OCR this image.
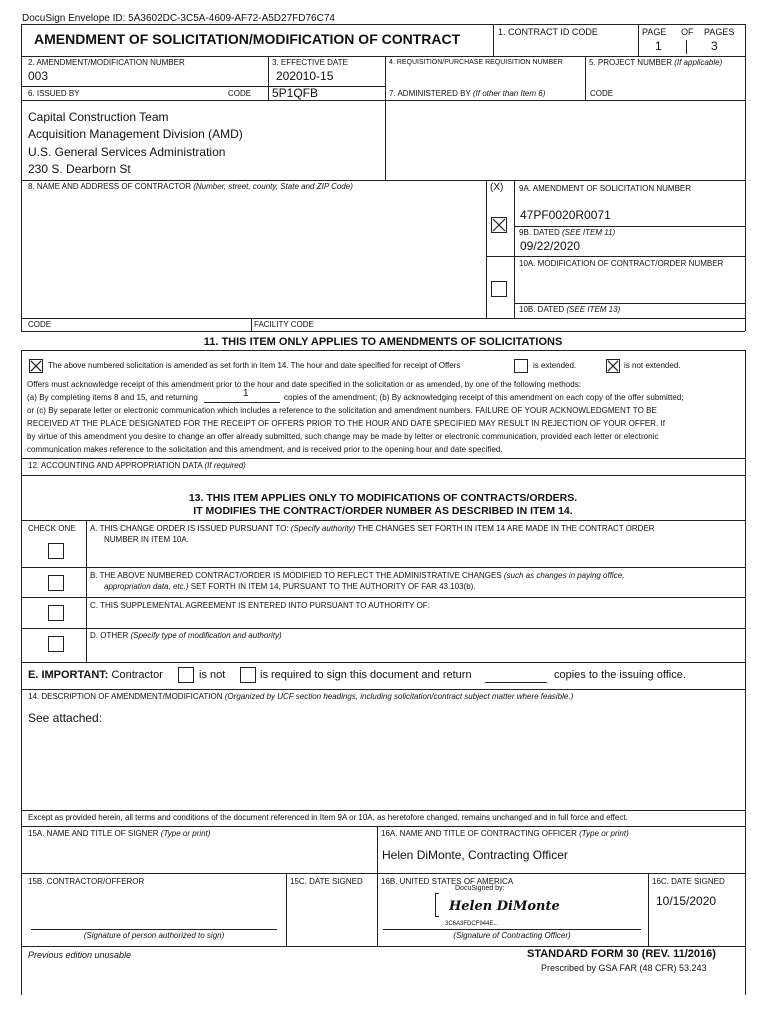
DocuSign Envelope ID: 5A3602DC-3C5A-4609-AF72-A5D27FD76C74
AMENDMENT OF SOLICITATION/MODIFICATION OF CONTRACT	1. CONTRACT ID CODE	PAGE OF PAGES
1	3
2. AMENDMENT/MODIFICATION NUMBER
003
3. EFFECTIVE DATE
202010-15
4. REQUISITION/PURCHASE REQUISITION NUMBER	5. PROJECT NUMBER (If applicable)
6. ISSUED BY	CODE 5P1QFB	7. ADMINISTERED BY (If other than Item 6)	CODE
Capital Construction Team
Acquisition Management Division (AMD)
U.S. General Services Administration
230 S. Dearborn St
8. NAME AND ADDRESS OF CONTRACTOR (Number, street, county, State and ZIP Code)	(X) 9A. AMENDMENT OF SOLICITATION NUMBER
47PF0020R0071
9B. DATED (SEE ITEM 11)
09/22/2020
10A. MODIFICATION OF CONTRACT/ORDER NUMBER
10B. DATED (SEE ITEM 13)
CODE	FACILITY CODE
11. THIS ITEM ONLY APPLIES TO AMENDMENTS OF SOLICITATIONS
The above numbered solicitation is amended as set forth in Item 14. The hour and date specified for receipt of Offers	is extended.	is not extended.
Offers must acknowledge receipt of this amendment prior to the hour and date specified in the solicitation or as amended, by one of the following methods:
(a) By completing items 8 and 15, and returning	1	copies of the amendment; (b) By acknowledging receipt of this amendment on each copy of the offer submitted;
or (c) By separate letter or electronic communication which includes a reference to the solicitation and amendment numbers. FAILURE OF YOUR ACKNOWLEDGMENT TO BE
RECEIVED AT THE PLACE DESIGNATED FOR THE RECEIPT OF OFFERS PRIOR TO THE HOUR AND DATE SPECIFIED MAY RESULT IN REJECTION OF YOUR OFFER. If
by virtue of this amendment you desire to change an offer already submitted, such change may be made by letter or electronic communication, provided each letter or electronic
communication makes reference to the solicitation and this amendment, and is received prior to the opening hour and date specified.
12. ACCOUNTING AND APPROPRIATION DATA (If required)
13. THIS ITEM APPLIES ONLY TO MODIFICATIONS OF CONTRACTS/ORDERS.
IT MODIFIES THE CONTRACT/ORDER NUMBER AS DESCRIBED IN ITEM 14.
CHECK ONE A. THIS CHANGE ORDER IS ISSUED PURSUANT TO: (Specify authority) THE CHANGES SET FORTH IN ITEM 14 ARE MADE IN THE CONTRACT ORDER
NUMBER IN ITEM 10A.
B. THE ABOVE NUMBERED CONTRACT/ORDER IS MODIFIED TO REFLECT THE ADMINISTRATIVE CHANGES (such as changes in paying office,
appropriation data, etc.) SET FORTH IN ITEM 14, PURSUANT TO THE AUTHORITY OF FAR 43.103(b).
C. THIS SUPPLEMENTAL AGREEMENT IS ENTERED INTO PURSUANT TO AUTHORITY OF:
D. OTHER (Specify type of modification and authority)
E. IMPORTANT: Contractor	is not	is required to sign this document and return	copies to the issuing office.
14. DESCRIPTION OF AMENDMENT/MODIFICATION (Organized by UCF section headings, including solicitation/contract subject matter where feasible.)
See attached:
Except as provided herein, all terms and conditions of the document referenced in Item 9A or 10A, as heretofore changed, remains unchanged and in full force and effect.
15A. NAME AND TITLE OF SIGNER (Type or print)	16A. NAME AND TITLE OF CONTRACTING OFFICER (Type or print)
Helen DiMonte, Contracting Officer
15B. CONTRACTOR/OFFEROR	15C. DATE SIGNED 16B. UNITED STATES OF AMERICA	16C. DATE SIGNED
10/15/2020
DocuSigned by:
Helen DiMonte
3C6A3FDCF944E...
(Signature of person authorized to sign)	(Signature of Contracting Officer)
Previous edition unusable	STANDARD FORM 30 (REV. 11/2016)
Prescribed by GSA FAR (48 CFR) 53.243
